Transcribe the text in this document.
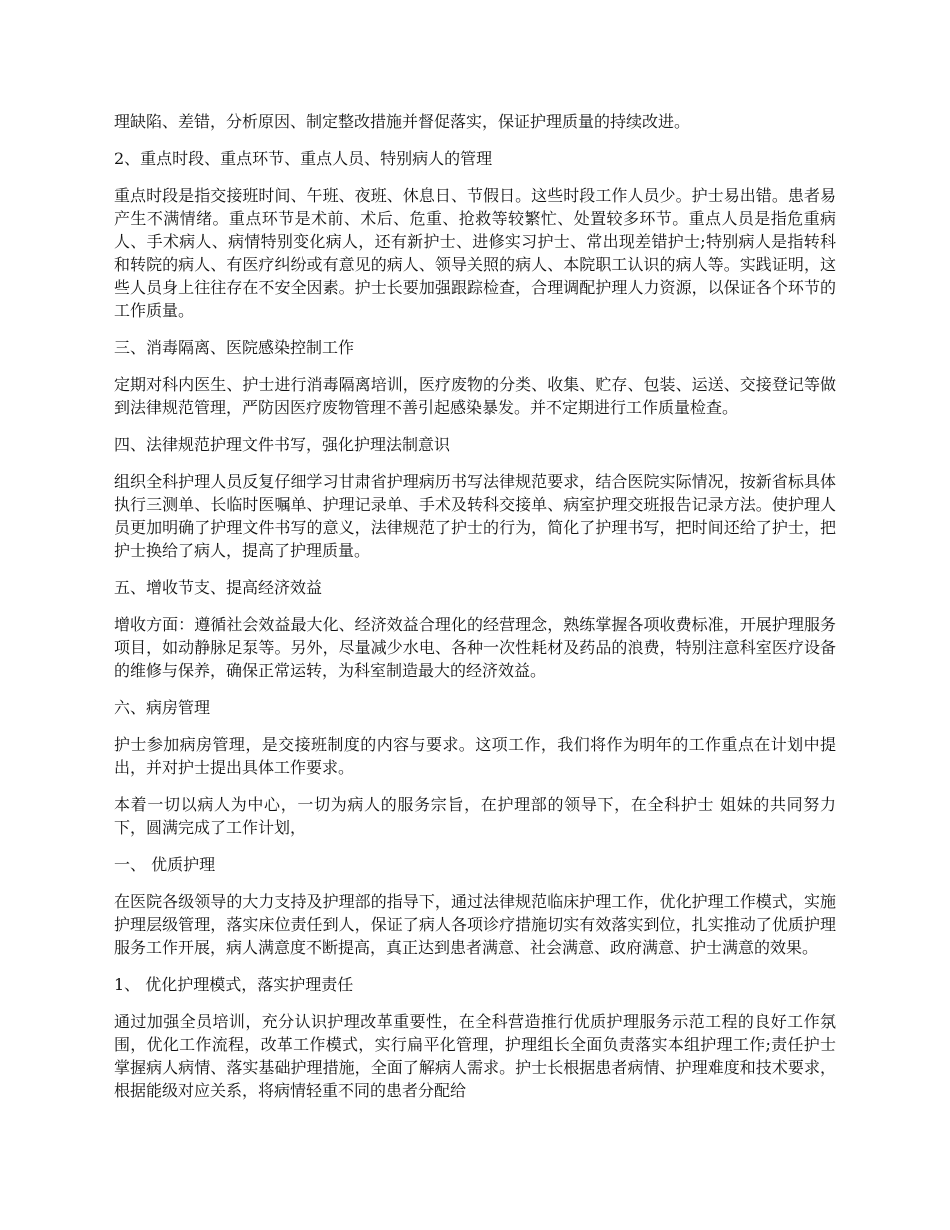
理缺陷、差错，分析原因、制定整改措施并督促落实，保证护理质量的持续改进。

2、重点时段、重点环节、重点人员、特别病人的管理

重点时段是指交接班时间、午班、夜班、休息日、节假日。这些时段工作人员少。护士易出错。患者易产生不满情绪。重点环节是术前、术后、危重、抢救等较繁忙、处置较多环节。重点人员是指危重病人、手术病人、病情特别变化病人，还有新护士、进修实习护士、常出现差错护士;特别病人是指转科和转院的病人、有医疗纠纷或有意见的病人、领导关照的病人、本院职工认识的病人等。实践证明，这些人员身上往往存在不安全因素。护士长要加强跟踪检查，合理调配护理人力资源，以保证各个环节的工作质量。

三、消毒隔离、医院感染控制工作

定期对科内医生、护士进行消毒隔离培训，医疗废物的分类、收集、贮存、包装、运送、交接登记等做到法律规范管理，严防因医疗废物管理不善引起感染暴发。并不定期进行工作质量检查。

四、法律规范护理文件书写，强化护理法制意识

组织全科护理人员反复仔细学习甘肃省护理病历书写法律规范要求，结合医院实际情况，按新省标具体执行三测单、长临时医嘱单、护理记录单、手术及转科交接单、病室护理交班报告记录方法。使护理人员更加明确了护理文件书写的意义，法律规范了护士的行为，简化了护理书写，把时间还给了护士，把护士换给了病人，提高了护理质量。

五、增收节支、提高经济效益

增收方面：遵循社会效益最大化、经济效益合理化的经营理念，熟练掌握各项收费标准，开展护理服务项目，如动静脉足泵等。另外，尽量减少水电、各种一次性耗材及药品的浪费，特别注意科室医疗设备的维修与保养，确保正常运转，为科室制造最大的经济效益。

六、病房管理

护士参加病房管理，是交接班制度的内容与要求。这项工作，我们将作为明年的工作重点在计划中提出，并对护士提出具体工作要求。

本着一切以病人为中心，一切为病人的服务宗旨，在护理部的领导下，在全科护士 姐妹的共同努力下，圆满完成了工作计划，

一、 优质护理

在医院各级领导的大力支持及护理部的指导下，通过法律规范临床护理工作，优化护理工作模式，实施护理层级管理，落实床位责任到人，保证了病人各项诊疗措施切实有效落实到位，扎实推动了优质护理服务工作开展，病人满意度不断提高，真正达到患者满意、社会满意、政府满意、护士满意的效果。

1、 优化护理模式，落实护理责任

通过加强全员培训，充分认识护理改革重要性，在全科营造推行优质护理服务示范工程的良好工作氛围，优化工作流程，改革工作模式，实行扁平化管理，护理组长全面负责落实本组护理工作;责任护士掌握病人病情、落实基础护理措施，全面了解病人需求。护士长根据患者病情、护理难度和技术要求，根据能级对应关系，将病情轻重不同的患者分配给
